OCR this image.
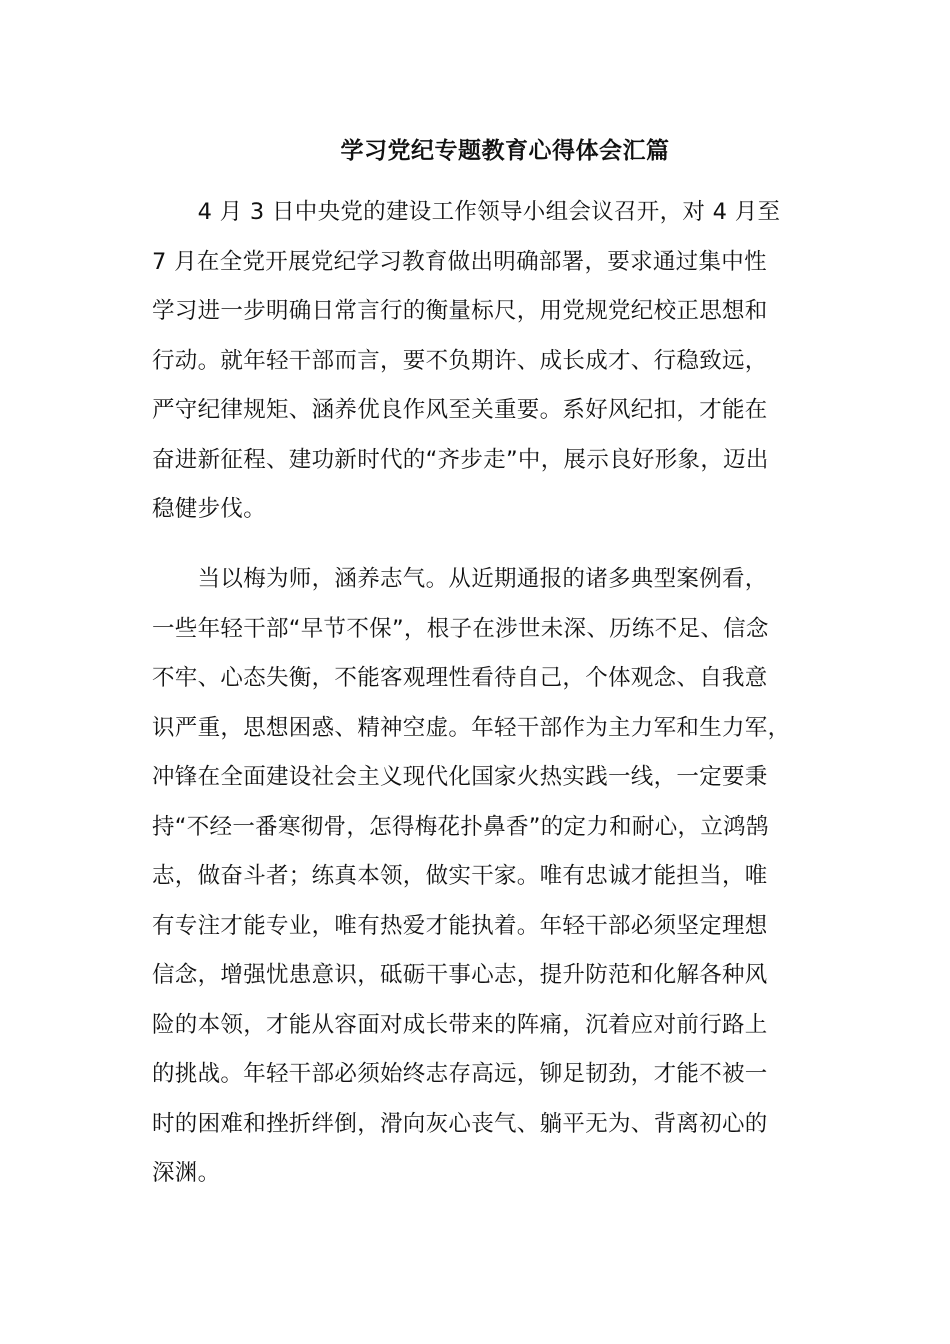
学习党纪专题教育心得体会汇篇
　　4 月 3 日中央党的建设工作领导小组会议召开，对 4 月至
7 月在全党开展党纪学习教育做出明确部署，要求通过集中性
学习进一步明确日常言行的衡量标尺，用党规党纪校正思想和
行动。就年轻干部而言，要不负期许、成长成才、行稳致远，
严守纪律规矩、涵养优良作风至关重要。系好风纪扣，才能在
奋进新征程、建功新时代的“齐步走”中，展示良好形象，迈出
稳健步伐。
　　当以梅为师，涵养志气。从近期通报的诸多典型案例看，
一些年轻干部“早节不保”，根子在涉世未深、历练不足、信念
不牢、心态失衡，不能客观理性看待自己，个体观念、自我意
识严重，思想困惑、精神空虚。年轻干部作为主力军和生力军，
冲锋在全面建设社会主义现代化国家火热实践一线，一定要秉
持“不经一番寒彻骨，怎得梅花扑鼻香”的定力和耐心，立鸿鹄
志，做奋斗者；练真本领，做实干家。唯有忠诚才能担当，唯
有专注才能专业，唯有热爱才能执着。年轻干部必须坚定理想
信念，增强忧患意识，砥砺干事心志，提升防范和化解各种风
险的本领，才能从容面对成长带来的阵痛，沉着应对前行路上
的挑战。年轻干部必须始终志存高远，铆足韧劲，才能不被一
时的困难和挫折绊倒，滑向灰心丧气、躺平无为、背离初心的
深渊。
